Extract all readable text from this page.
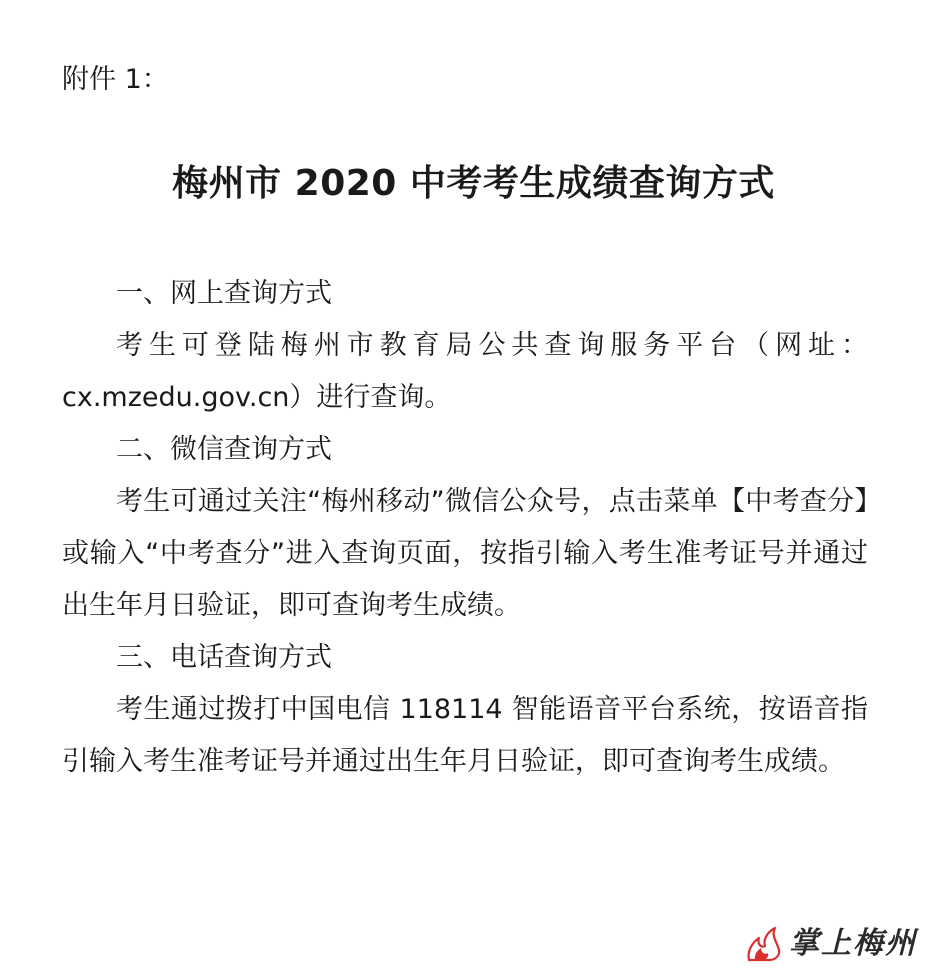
附件 1：

梅州市 2020 中考考生成绩查询方式
一、网上查询方式

考生可登陆梅州市教育局公共查询服务平台（网址：cx.mzedu.gov.cn）进行查询。

二、微信查询方式

考生可通过关注“梅州移动”微信公众号，点击菜单【中考查分】或输入“中考查分”进入查询页面，按指引输入考生准考证号并通过出生年月日验证，即可查询考生成绩。

三、电话查询方式

考生通过拨打中国电信 118114 智能语音平台系统，按语音指引输入考生准考证号并通过出生年月日验证，即可查询考生成绩。

掌上梅州
